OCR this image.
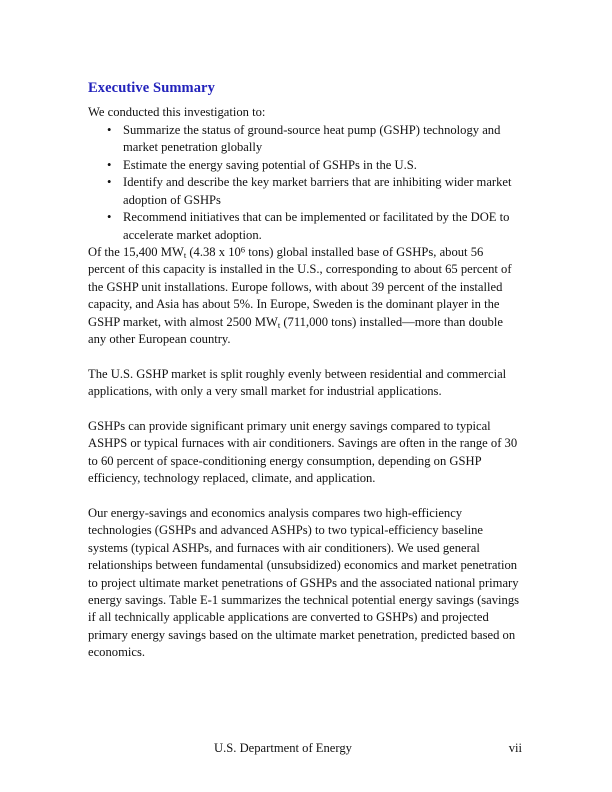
Executive Summary
We conducted this investigation to:
• Summarize the status of ground-source heat pump (GSHP) technology and market penetration globally
• Estimate the energy saving potential of GSHPs in the U.S.
• Identify and describe the key market barriers that are inhibiting wider market adoption of GSHPs
• Recommend initiatives that can be implemented or facilitated by the DOE to accelerate market adoption.

Of the 15,400 $MW_t$ (4.38 x $10^6$ tons) global installed base of GSHPs, about 56 percent of this capacity is installed in the U.S., corresponding to about 65 percent of the GSHP unit installations. Europe follows, with about 39 percent of the installed capacity, and Asia has about 5%. In Europe, Sweden is the dominant player in the GSHP market, with almost 2500 $MW_t$ (711,000 tons) installed—more than double any other European country.

The U.S. GSHP market is split roughly evenly between residential and commercial applications, with only a very small market for industrial applications.

GSHPs can provide significant primary unit energy savings compared to typical ASHPS or typical furnaces with air conditioners. Savings are often in the range of 30 to 60 percent of space-conditioning energy consumption, depending on GSHP efficiency, technology replaced, climate, and application.

Our energy-savings and economics analysis compares two high-efficiency technologies (GSHPs and advanced ASHPs) to two typical-efficiency baseline systems (typical ASHPs, and furnaces with air conditioners). We used general relationships between fundamental (unsubsidized) economics and market penetration to project ultimate market penetrations of GSHPs and the associated national primary energy savings. Table E-1 summarizes the technical potential energy savings (savings if all technically applicable applications are converted to GSHPs) and projected primary energy savings based on the ultimate market penetration, predicted based on economics.

U.S. Department of Energy	vii
